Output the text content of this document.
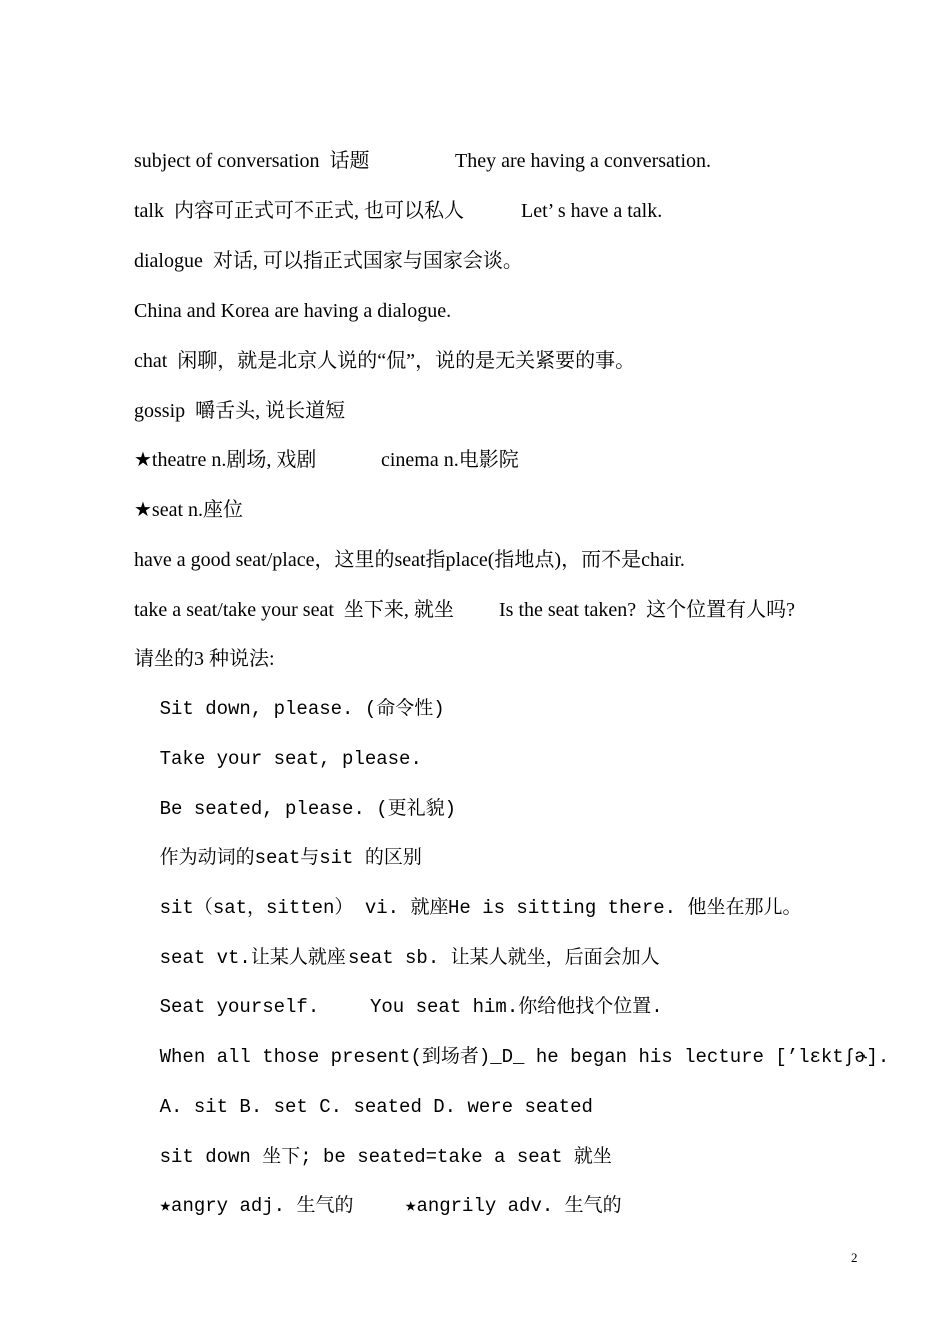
subject of conversation  话题	They are having a conversation.

talk  内容可正式可不正式, 也可以私人	Let’ s have a talk.

dialogue  对话, 可以指正式国家与国家会谈。

China and Korea are having a dialogue.

chat  闲聊，就是北京人说的“侃”，说的是无关紧要的事。

gossip  嚼舌头, 说长道短

★theatre n.剧场, 戏剧	cinema n.电影院

★seat n.座位

have a good seat/place，这里的seat指place(指地点)，而不是chair.

take a seat/take your seat  坐下来, 就坐 Is the seat taken?  这个位置有人吗?

请坐的3 种说法:

Sit down, please. (命令性)

Take your seat, please.

Be seated, please. (更礼貌)

作为动词的seat与sit 的区别

sit（sat，sitten） vi. 就座 He is sitting there. 他坐在那儿。

seat vt.让某人就座 seat sb. 让某人就坐，后面会加人

Seat yourself.	You seat him.你给他找个位置.

When all those present(到场者)_D_ he began his lecture [’lɛktʃɚ].

A. sit B. set C. seated D. were seated

sit down 坐下; be seated=take a seat 就坐

★angry adj. 生气的	★angrily adv. 生气的

2
